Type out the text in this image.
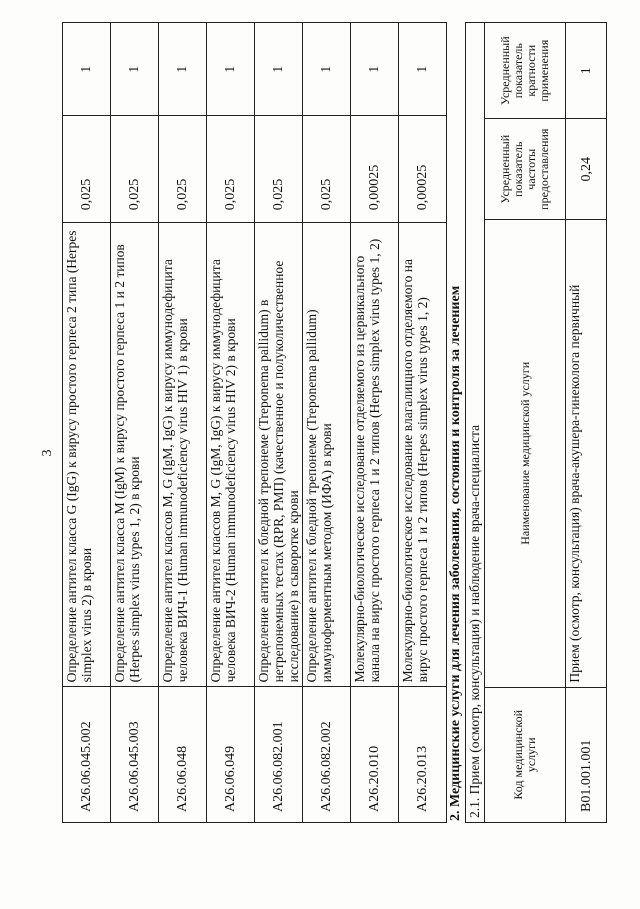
3
A26.06.045.002	Определение антител класса G (IgG) к вирусу простого герпеса 2 типа (Herpes simplex virus 2) в крови	0,025	1
A26.06.045.003	Определение антител класса M (IgM) к вирусу простого герпеса 1 и 2 типов (Herpes simplex virus types 1, 2) в крови	0,025	1
A26.06.048	Определение антител классов M, G (IgM, IgG) к вирусу иммунодефицита человека ВИЧ-1 (Human immunodeficiency virus HIV 1) в крови	0,025	1
A26.06.049	Определение антител классов M, G (IgM, IgG) к вирусу иммунодефицита человека ВИЧ-2 (Human immunodeficiency virus HIV 2) в крови	0,025	1
A26.06.082.001	Определение антител к бледной трепонеме (Treponema pallidum) в нетрепонемных тестах (RPR, РМП) (качественное и полуколичественное исследование) в сыворотке крови	0,025	1
A26.06.082.002	Определение антител к бледной трепонеме (Treponema pallidum) иммуноферментным методом (ИФА) в крови	0,025	1
A26.20.010	Молекулярно-биологическое исследование отделяемого из цервикального канала на вирус простого герпеса 1 и 2 типов (Herpes simplex virus types 1, 2)	0,00025	1
A26.20.013	Молекулярно-биологическое исследование влагалищного отделяемого на вирус простого герпеса 1 и 2 типов (Herpes simplex virus types 1, 2)	0,00025	1
2. Медицинские услуги для лечения заболевания, состояния и контроля за лечением 2.1. Прием (осмотр, консультация) и наблюдение врача-специалиста			
Код медицинской услуги	Наименование медицинской услуги	Усредненный показатель частоты предоставления	Усредненный показатель кратности применения
B01.001.001	Прием (осмотр, консультация) врача-акушера-гинеколога первичный	0,24	1
